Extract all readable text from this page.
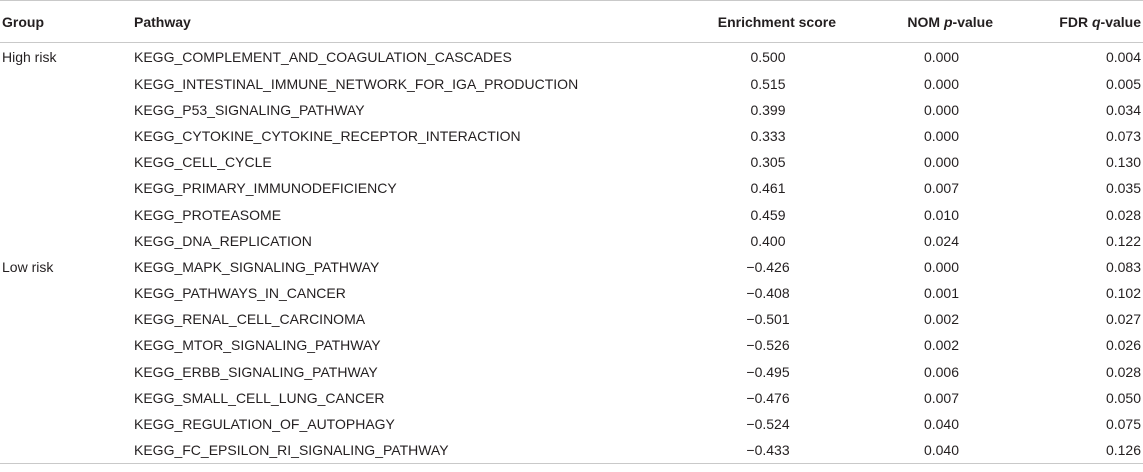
Group	Pathway	Enrichment score	NOM p-value	FDR q-value
High risk	KEGG_COMPLEMENT_AND_COAGULATION_CASCADES	0.500	0.000	0.004
	KEGG_INTESTINAL_IMMUNE_NETWORK_FOR_IGA_PRODUCTION	0.515	0.000	0.005
	KEGG_P53_SIGNALING_PATHWAY	0.399	0.000	0.034
	KEGG_CYTOKINE_CYTOKINE_RECEPTOR_INTERACTION	0.333	0.000	0.073
	KEGG_CELL_CYCLE	0.305	0.000	0.130
	KEGG_PRIMARY_IMMUNODEFICIENCY	0.461	0.007	0.035
	KEGG_PROTEASOME	0.459	0.010	0.028
	KEGG_DNA_REPLICATION	0.400	0.024	0.122
Low risk	KEGG_MAPK_SIGNALING_PATHWAY	−0.426	0.000	0.083
	KEGG_PATHWAYS_IN_CANCER	−0.408	0.001	0.102
	KEGG_RENAL_CELL_CARCINOMA	−0.501	0.002	0.027
	KEGG_MTOR_SIGNALING_PATHWAY	−0.526	0.002	0.026
	KEGG_ERBB_SIGNALING_PATHWAY	−0.495	0.006	0.028
	KEGG_SMALL_CELL_LUNG_CANCER	−0.476	0.007	0.050
	KEGG_REGULATION_OF_AUTOPHAGY	−0.524	0.040	0.075
	KEGG_FC_EPSILON_RI_SIGNALING_PATHWAY	−0.433	0.040	0.126
